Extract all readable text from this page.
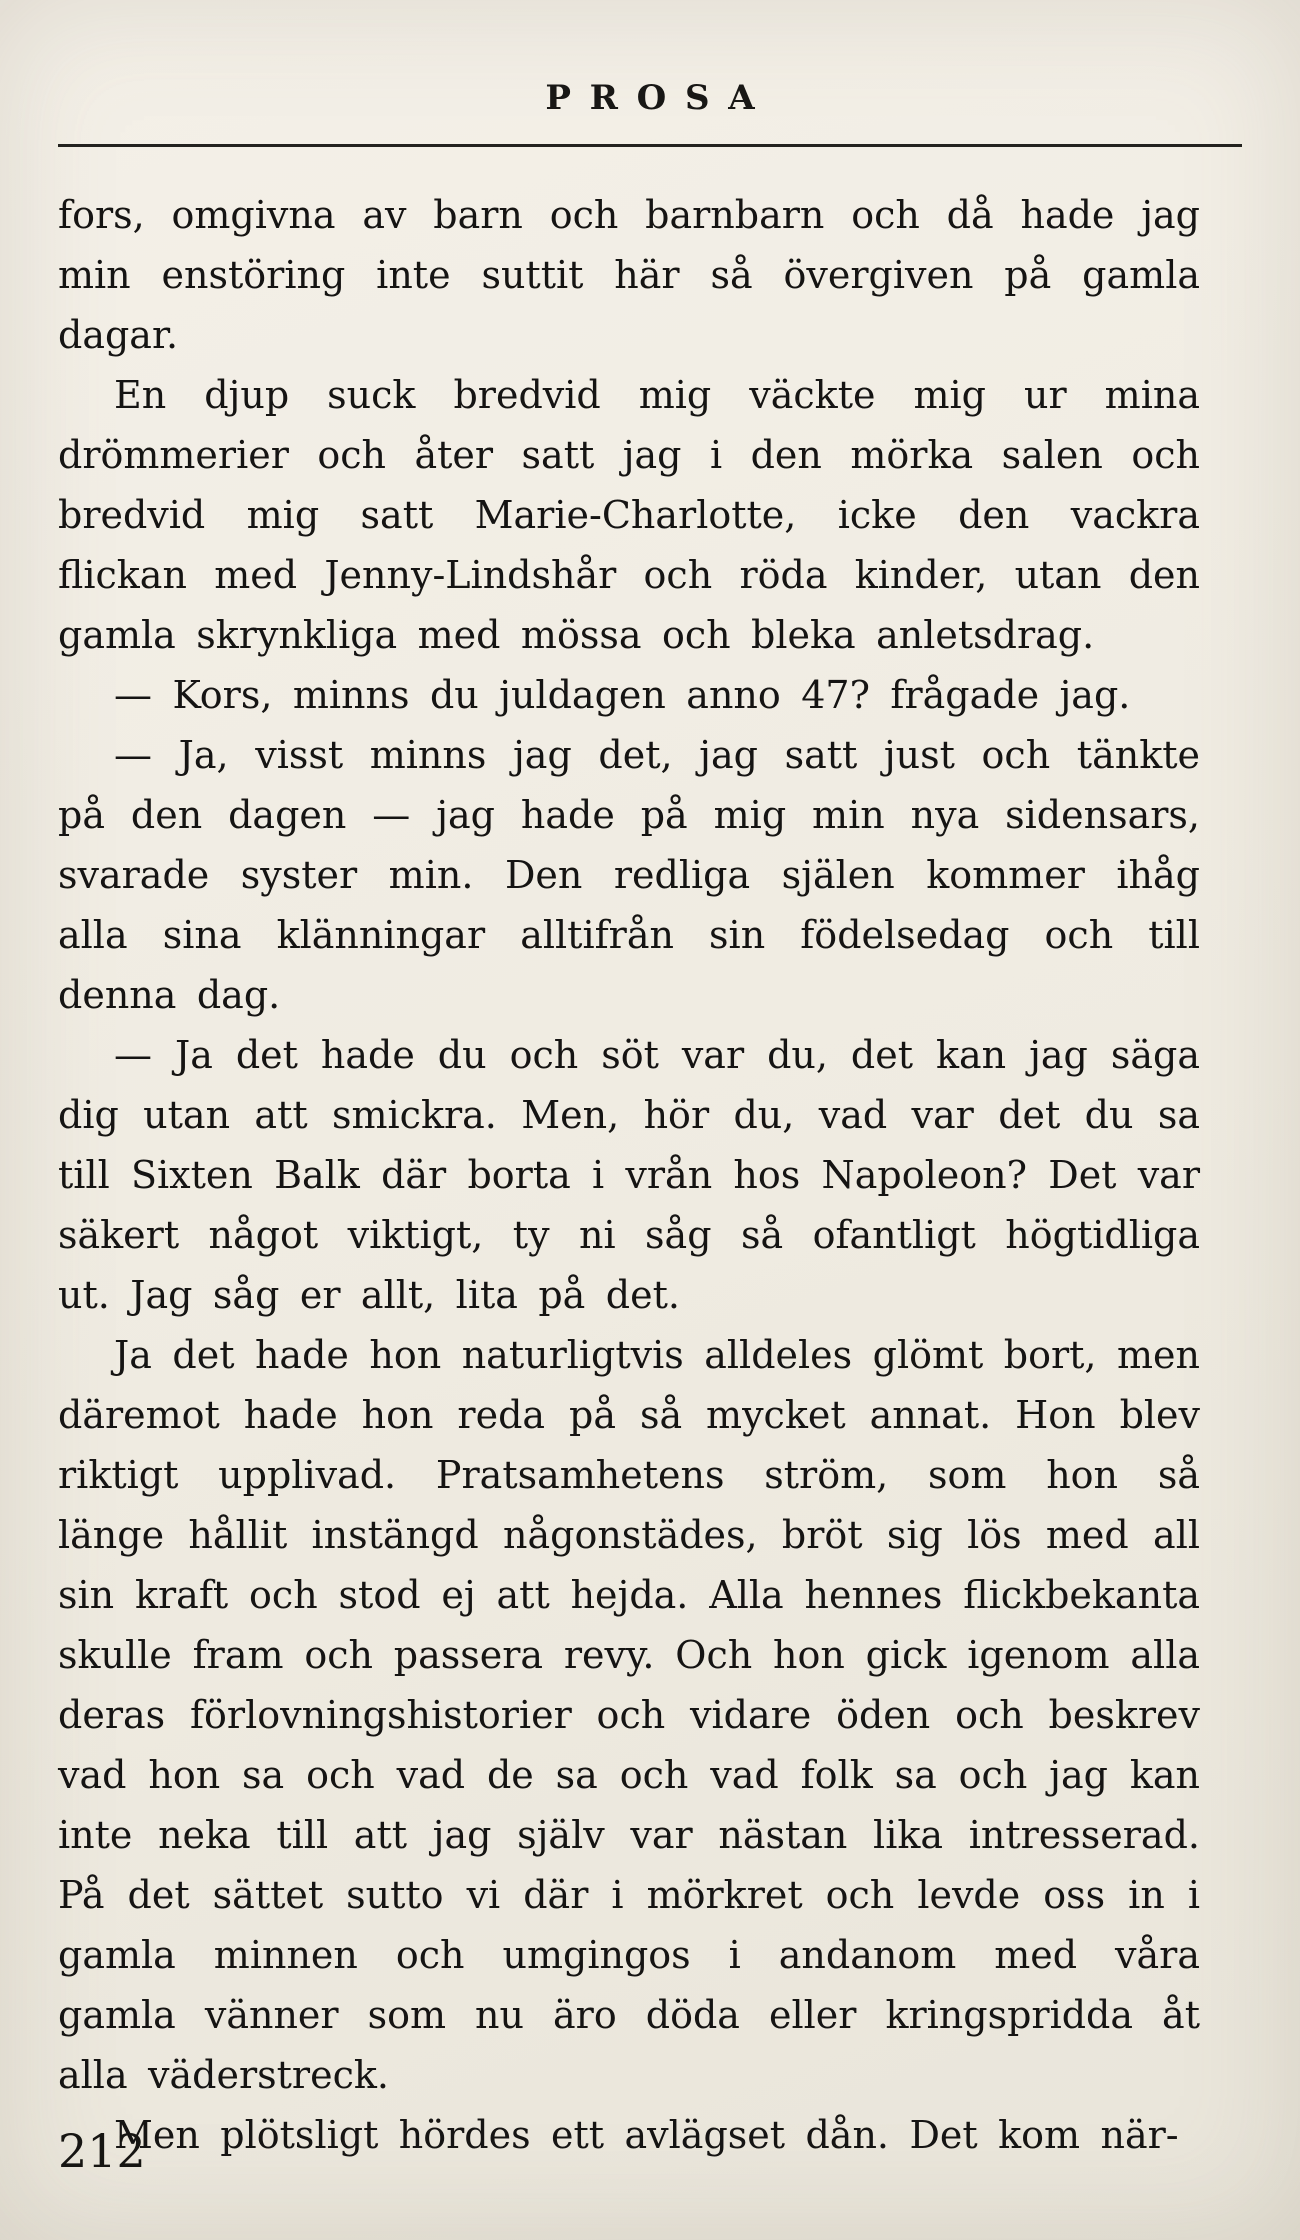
PROSA

fors, omgivna av barn och barnbarn och då hade jag min enstöring inte suttit här så övergiven på gamla dagar.

En djup suck bredvid mig väckte mig ur mina drömmerier och åter satt jag i den mörka salen och bredvid mig satt Marie-Charlotte, icke den vackra flickan med Jenny-Lindshår och röda kinder, utan den gamla skrynkliga med mössa och bleka anletsdrag.

— Kors, minns du juldagen anno 47? frågade jag.

— Ja, visst minns jag det, jag satt just och tänkte på den dagen — jag hade på mig min nya sidensars, svarade syster min. Den redliga själen kommer ihåg alla sina klänningar alltifrån sin födelsedag och till denna dag.

— Ja det hade du och söt var du, det kan jag säga dig utan att smickra. Men, hör du, vad var det du sa till Sixten Balk där borta i vrån hos Napoleon? Det var säkert något viktigt, ty ni såg så ofantligt högtidliga ut. Jag såg er allt, lita på det.

Ja det hade hon naturligtvis alldeles glömt bort, men däremot hade hon reda på så mycket annat. Hon blev riktigt upplivad. Pratsamhetens ström, som hon så länge hållit instängd någonstädes, bröt sig lös med all sin kraft och stod ej att hejda. Alla hennes flickbekanta skulle fram och passera revy. Och hon gick igenom alla deras förlovningshistorier och vidare öden och beskrev vad hon sa och vad de sa och vad folk sa och jag kan inte neka till att jag själv var nästan lika intresserad. På det sättet sutto vi där i mörkret och levde oss in i gamla minnen och umgingos i andanom med våra gamla vänner som nu äro döda eller kringspridda åt alla väderstreck.

Men plötsligt hördes ett avlägset dån. Det kom när-

212
